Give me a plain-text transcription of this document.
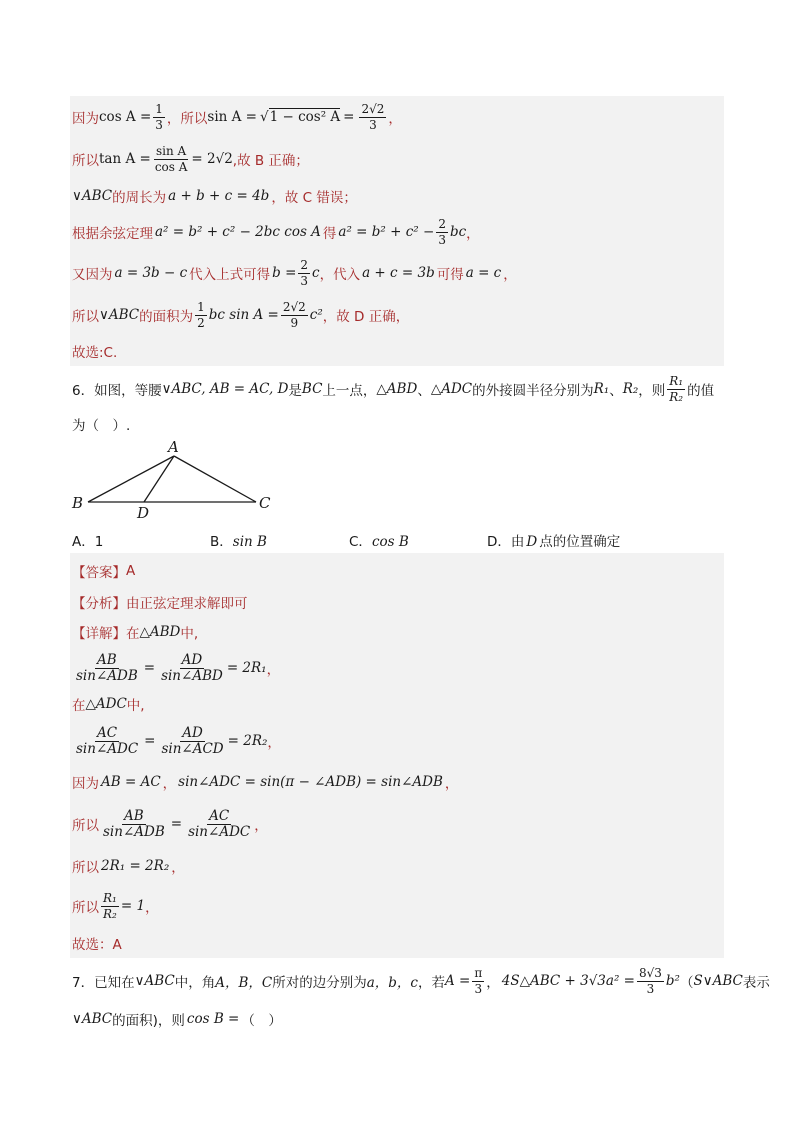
因为 $\cos A = \frac{1}{3}$ ，所以 sin A = √1 − cos² $A = \frac{2√2}{3}$ ，
所以 $\tan A = \frac{\text{sin A}}{\text{cos A}} = 2√2$ ,故 B 正确；
∨ABC 的周长为 a + b + c = 4b ，故 C 错误；
根据余弦定理 a² = b² + c² − 2bc cos A 得 $a^2 = b^2 + c^2 - \frac{2}{3}$ bc ，
又因为 a = 3b − c 代入上式可得 $b = \frac{2}{3}$ c ，代入 a + c = 3b 可得 a = c ，
所以 ∨ABC 的面积为 $\frac{1}{2}$ bc $\sin A = \frac{2√2}{9} c^2$ ，故 D 正确，
故选:C.
6．如图，等腰 ∨ABC, AB = AC, D 是 BC 上一点， △ABD 、 △ADC 的外接圆半径分别为 R₁ 、 R₂ ，则 $\frac{\text{R₁}}{\text{R₂}}$ 的值
为（　）.
A
B	C
D
A．1	B．sin B	C．cos B	D．由 D 点的位置确定
【答案】 A
【分析】 由正弦定理求解即可
【详解】 在 △ABD 中,
$\frac{AB}{\text{sin∠ADB}} = \frac{AD}{\text{sin∠ABD}} = 2R_1$ ，
在 △ADC 中,
$\frac{AC}{\text{sin∠ADC}} = \frac{AD}{\text{sin∠ACD}} = 2R_2$ ，
因为 AB = AC ， sin∠ADC = sin(π − ∠ADB) = sin∠ADB ，
所以 $\frac{AB}{\text{sin∠ADB}} = \frac{AC}{\text{sin∠ADC}}$ ，
所以 2R₁ = 2R₂ ，
所以 $\frac{\text{R₁}}{\text{R₂}} = 1$ ，
故选：A
7．已知在 ∨ABC 中，角 A，B，C 所对的边分别为 a，b，c ，若 $A = \frac{\pi}{3}$ ， 4S△ABC + $3√3a^2 = \frac{8√3}{3} b^2$ （ S∨ABC 表示
∨ABC 的面积)，则 cos B = （　）
